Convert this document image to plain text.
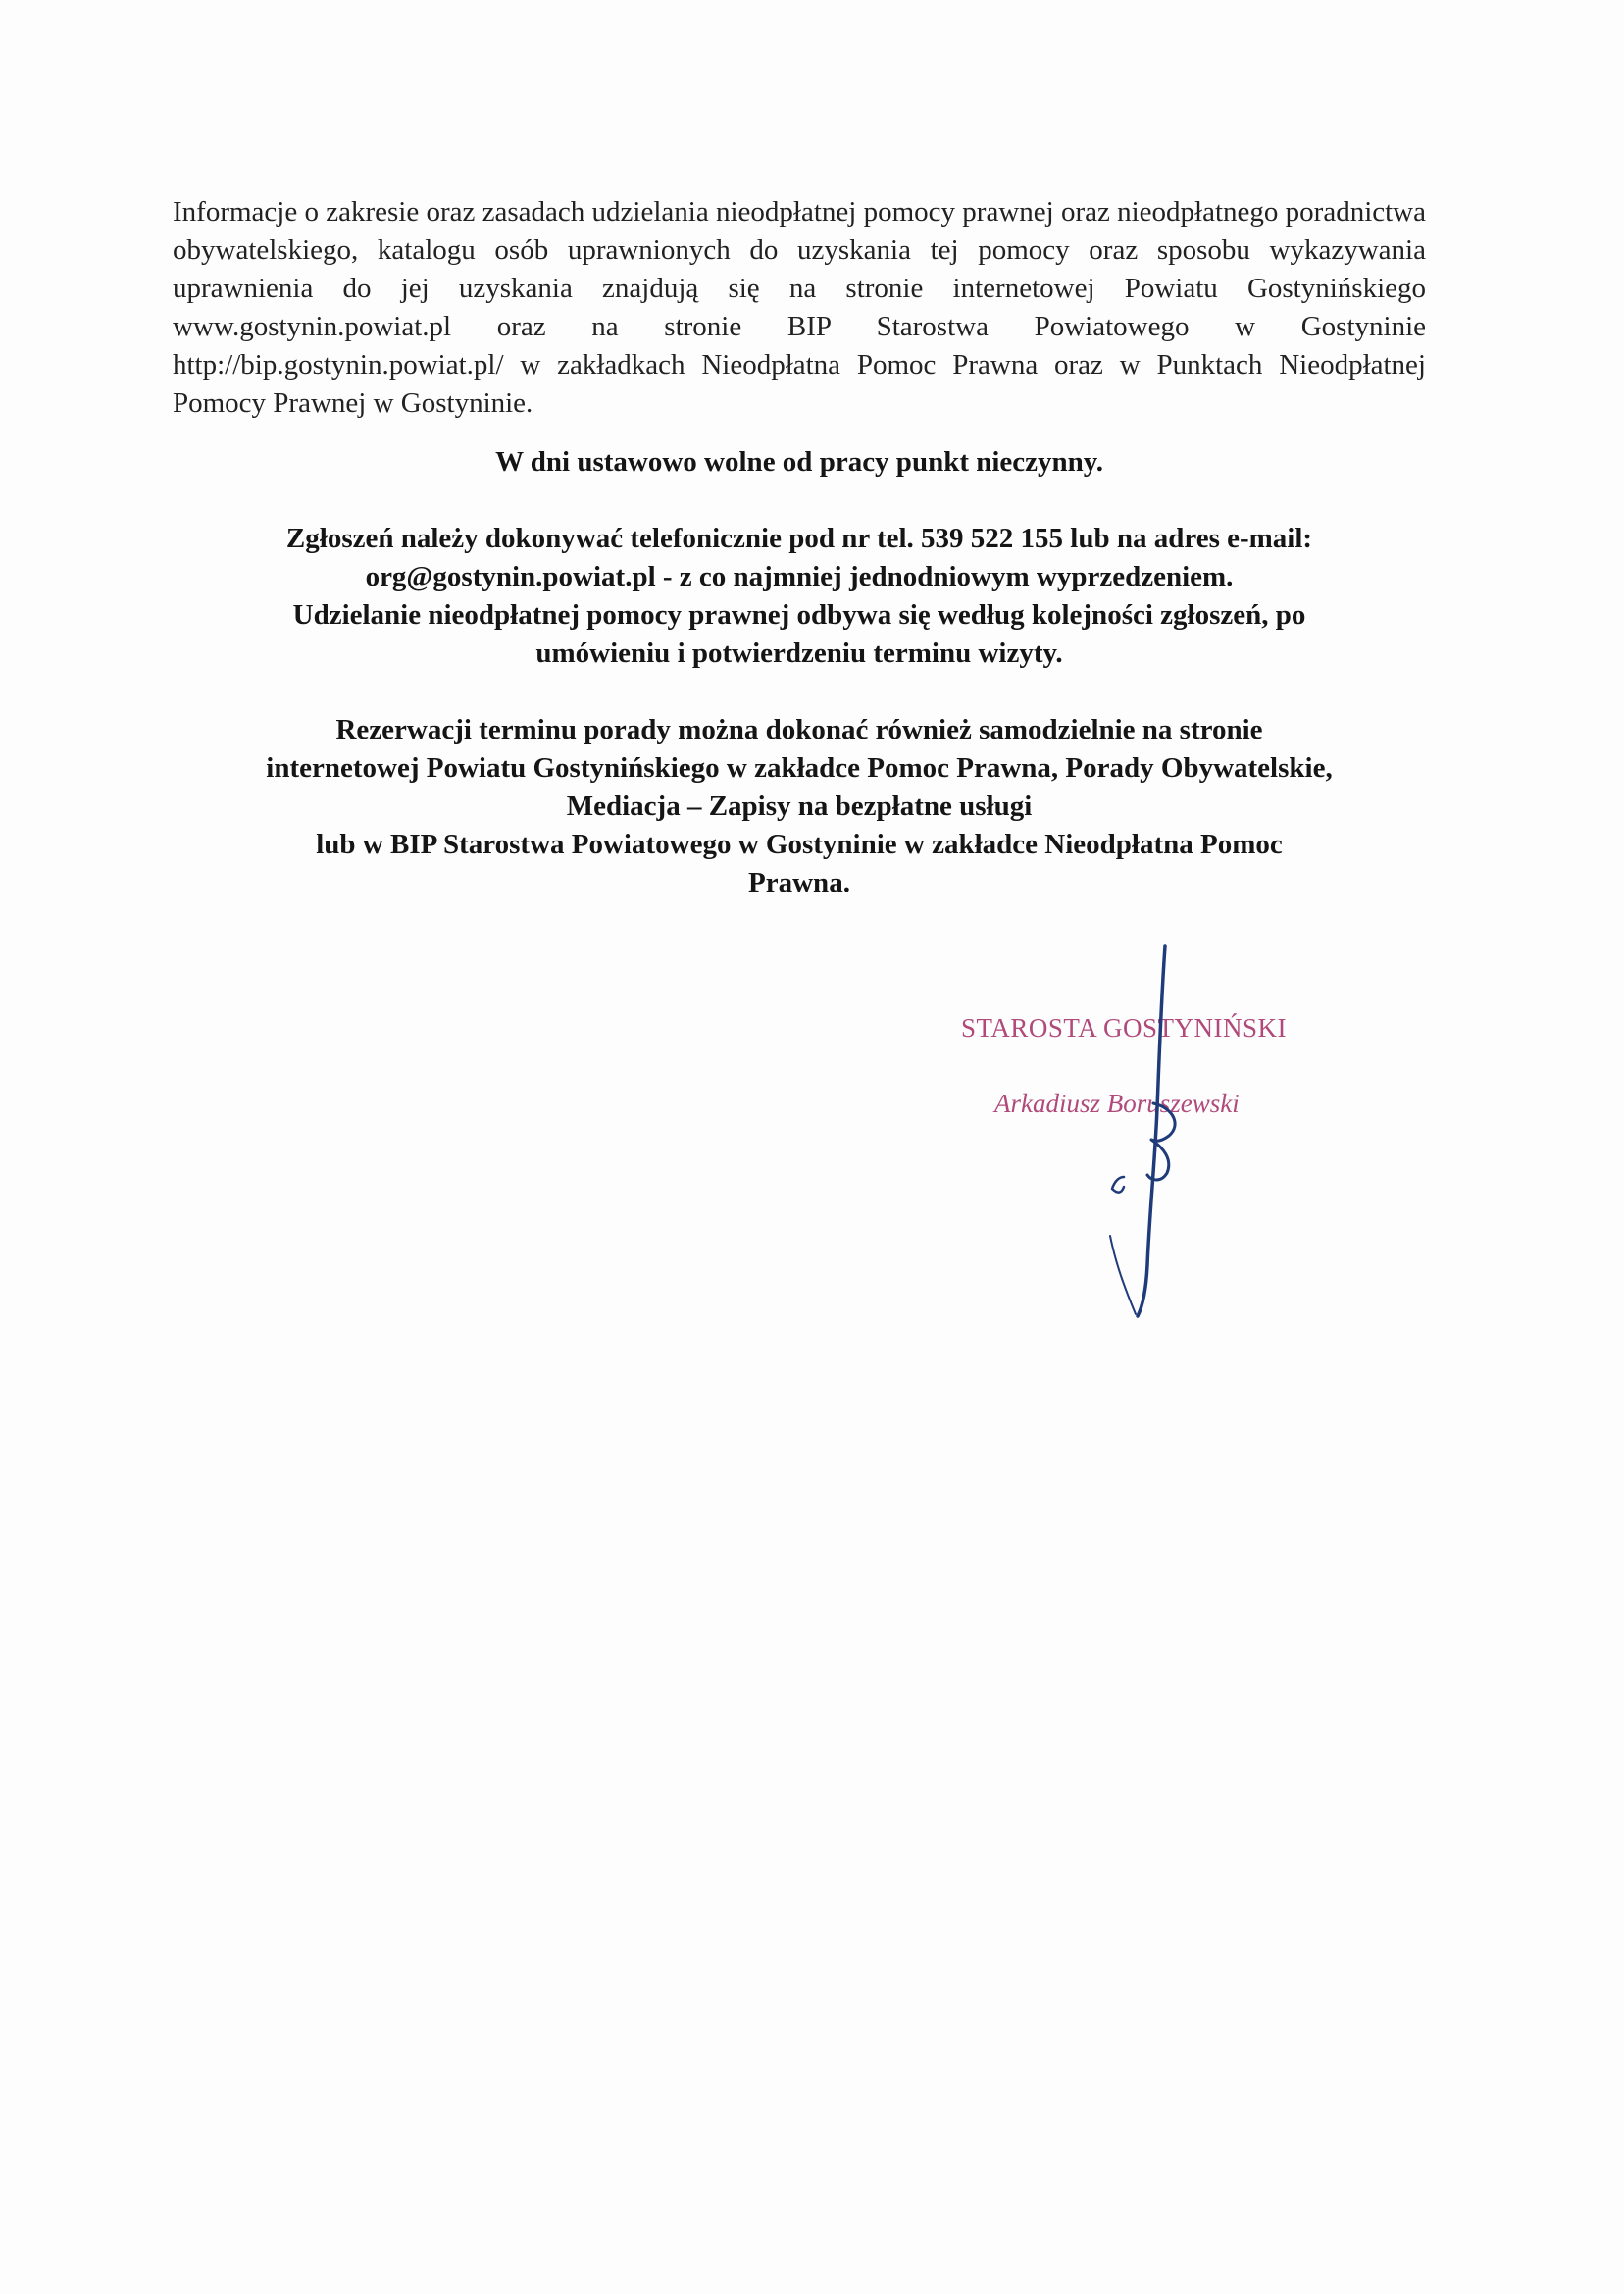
Informacje o zakresie oraz zasadach udzielania nieodpłatnej pomocy prawnej oraz nieodpłatnego poradnictwa obywatelskiego, katalogu osób uprawnionych do uzyskania tej pomocy oraz sposobu wykazywania uprawnienia do jej uzyskania znajdują się na stronie internetowej Powiatu Gostynińskiego www.gostynin.powiat.pl oraz na stronie BIP Starostwa Powiatowego w Gostyninie http://bip.gostynin.powiat.pl/ w zakładkach Nieodpłatna Pomoc Prawna oraz w Punktach Nieodpłatnej Pomocy Prawnej w Gostyninie.

W dni ustawowo wolne od pracy punkt nieczynny.
Zgłoszeń należy dokonywać telefonicznie pod nr tel. 539 522 155 lub na adres e-mail:
org@gostynin.powiat.pl - z co najmniej jednodniowym wyprzedzeniem.
Udzielanie nieodpłatnej pomocy prawnej odbywa się według kolejności zgłoszeń, po
umówieniu i potwierdzeniu terminu wizyty.
Rezerwacji terminu porady można dokonać również samodzielnie na stronie
internetowej Powiatu Gostynińskiego w zakładce Pomoc Prawna, Porady Obywatelskie,
Mediacja – Zapisy na bezpłatne usługi
lub w BIP Starostwa Powiatowego w Gostyninie w zakładce Nieodpłatna Pomoc
Prawna.
STAROSTA GOSTYNIŃSKI
Arkadiusz Boruszewski
